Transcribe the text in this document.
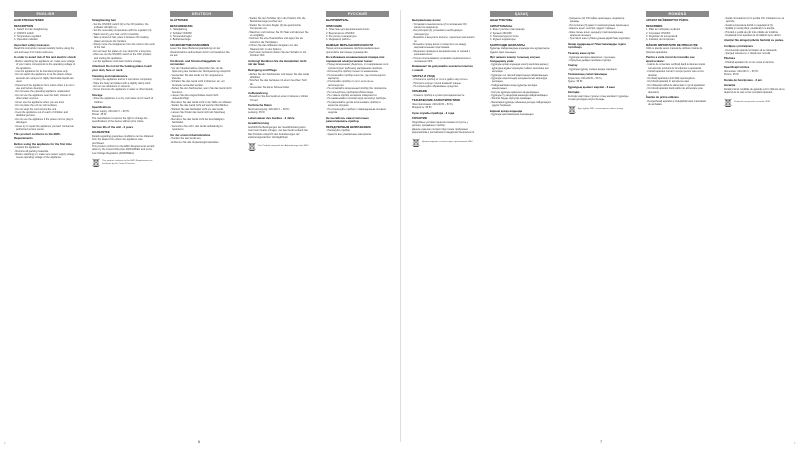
ENGLISH
HAIR STRAIGHTENER
DESCRIPTION
1. Switch for hair straightening
2. ON/OFF switch
3. Temperature regulator
4. Operation indicator
Important safety measures
Read this instruction manual carefully before using the unit and keep it for future reference.
In order to avoid risk of fire and electric shock:
- Before switching the appliance on, make sure voltage of your mains corresponds to the operating voltage of the appliance.
- Use the appliance for its intended purpose only.
- Do not switch the appliance on at the places where aerosols are sprayed or highly flammable liquids are used.
- Disconnect the appliance from mains when it is not in use and before cleaning.
- Do not leave the operating appliance unattended.
- Do not use the appliance near the bath, shower or other water sources.
- Never use the appliance when you are tired.
- Do not place the unit on soft surfaces.
- Do not wrap the cord around the unit.
- Keep the appliance out of reach of children and disabled persons.
- Do not use the appliance if the power cord or plug is damaged.
- Never try to repair the appliance yourself. Contact an authorized service center.
This product conforms to the EMC-Requirements.
Before using the appliance for the first time
- Unpack the appliance.
- Remove all packing materials.
- Before switching on, make sure power supply voltage meets operating voltage of the appliance.
Straightening hair
- Set the ON/OFF switch (2) to the ON position, the indicator will light up.
- Set the necessary temperature with the regulator (3).
- Wash and dry your hair, comb it carefully.
- Take a strand of hair, place it between the heating plates and press the handles.
- Slowly move the straightener from the roots to the ends of the hair.
- Do not keep the plates on one strand for a long time.
- After use set the ON/OFF switch to the OFF position and unplug the appliance.
- Let the appliance cool down before storage.
Attention! Do not let the heating plates touch your skin, face or neck.
Cleaning and maintenance
- Unplug the appliance and let it cool down completely.
- Wipe the body and plates with a slightly damp cloth.
- Do not use abrasives or solvents.
- Never immerse the appliance in water or other liquids.
Storage
- Store the appliance in a dry, cool place out of reach of children.
Specifications
Power supply: 220-240 V ~ 50 Hz
Power: 35 W
The manufacturer reserves the right to change the specifications of the device without prior notice.
Service life of the unit - 3 years
GUARANTEE
Details regarding guarantee conditions can be obtained from the dealer from whom the appliance was purchased.
This product conforms to the EMC-Requirements as laid down by the Council Directive 2004/108/EC and to the Low Voltage Regulation (2006/95/EC).
This product conforms to the EMC-Requirements as laid down by the Council Directive.
DEUTSCH
GLÄTTEISEN
BESCHREIBUNG
1. Haarglättung
2. Schalter ON/OFF
3. Temperaturregler
4. Betriebsanzeige
SICHERHEITSMASSNAHMEN
Lesen Sie diese Bedienungsanleitung vor der Inbetriebnahme aufmerksam durch und bewahren Sie sie auf.
Um Brand- und Stromschlaggefahr zu vermeiden:
- Vor der Inbetriebnahme überprüfen Sie, ob die Spannung des Gerätes der Netzspannung entspricht.
- Verwenden Sie das Gerät nur für vorgesehene Zwecke.
- Schalten Sie das Gerät nicht in Räumen ein, wo Aerosole verwendet werden.
- Ziehen Sie den Netzstecker, wenn Sie das Gerät nicht benutzen.
- Lassen Sie das eingeschaltete Gerät nicht unbeaufsichtigt.
- Benutzen Sie das Gerät nicht in der Nähe von Wasser.
- Stellen Sie das Gerät nicht auf weiche Oberflächen.
- Wickeln Sie das Netzkabel nicht um das Gerät.
- Lassen Sie Kinder das Gerät nicht als Spielzeug benutzen.
- Benutzen Sie das Gerät nicht bei beschädigtem Netzkabel.
- Versuchen Sie nicht, das Gerät selbständig zu reparieren.
Vor der ersten Inbetriebnahme
- Packen Sie das Gerät aus.
- Entfernen Sie alle Verpackungsmaterialien.
- Stellen Sie den Schalter (2) in die Position ON, die Betriebsanzeige leuchtet auf.
- Stellen Sie mit dem Regler (3) die gewünschte Temperatur ein.
- Waschen und trocknen Sie Ihr Haar und kämmen Sie es sorgfältig.
- Nehmen Sie eine Haarsträhne und legen Sie sie zwischen die Heizplatten.
- Führen Sie das Glätteisen langsam von den Haarwurzeln zu den Spitzen.
- Nach dem Gebrauch stellen Sie den Schalter in die Position OFF.
Achtung! Berühren Sie die Heizplatten nicht mit der Haut.
Reinigung und Pflege
- Ziehen Sie den Netzstecker und lassen Sie das Gerät abkühlen.
- Wischen Sie das Gehäuse mit einem feuchten Tuch ab.
- Verwenden Sie keine Scheuermittel.
Aufbewahrung
- Bewahren Sie das Gerät an einem trockenen, kühlen Ort auf.
Technische Daten
Stromversorgung: 220-240 V ~ 50 Hz
Leistung: 35 W
Lebensdauer des Gerätes - 3 Jahre
Gewährleistung
Ausführliche Bedingungen der Gewährleistung kann man beim Dealer erfragen, der das Gerät verkauft hat.
Das Produkt entspricht den Anforderungen der elektromagnetischen Verträglichkeit.
Das Produkt entspricht den Anforderungen der EMV.
РУССКИЙ
ВЫПРЯМИТЕЛЬ
ОПИСАНИЕ
1. Пластины для выпрямления волос
2. Выключатель ON/OFF
3. Регулятор температуры
4. Индикатор работы
ВАЖНЫЕ МЕРЫ БЕЗОПАСНОСТИ
Перед использованием прибора внимательно прочитайте настоящее руководство.
Во избежание возникновения пожара или поражения электрическим током:
- Перед включением убедитесь, что напряжение сети соответствует рабочему напряжению прибора.
- Используйте прибор только по назначению.
- Не включайте прибор в местах, где используются аэрозоли.
- Отключайте прибор от сети, если он не используется.
- Не оставляйте включенный прибор без присмотра.
- Не пользуйтесь прибором вблизи воды.
- Не ставьте прибор на мягкие поверхности.
- Не наматывайте сетевой шнур на корпус прибора.
- Не разрешайте детям использовать прибор в качестве игрушки.
- Не используйте прибор с поврежденным сетевым шнуром.
Не пытайтесь самостоятельно ремонтировать прибор.
ПЕРЕД ПЕРВЫМ ВКЛЮЧЕНИЕМ
- Распакуйте прибор.
- Удалите все упаковочные материалы.
Выпрямление волос
- Установите выключатель (2) в положение ON, загорится индикатор.
- Регулятором (3) установите необходимую температуру.
- Вымойте и высушите волосы, тщательно расчешите их.
- Возьмите прядь волос и поместите её между нагревательными пластинами.
- Медленно проведите выпрямителем от корней к кончикам волос.
- После использования установите выключатель в положение OFF.
Внимание! Не допускайте контакта пластин с кожей.
ЧИСТКА И УХОД
- Отключите прибор от сети и дайте ему остыть.
- Протрите корпус слегка влажной тканью.
- Не используйте абразивные средства.
ХРАНЕНИЕ
- Храните прибор в сухом прохладном месте.
ТЕХНИЧЕСКИЕ ХАРАКТЕРИСТИКИ
Электропитание: 220-240 В ~ 50 Гц
Мощность: 35 Вт
Срок службы прибора - 3 года
ГАРАНТИЯ
Подробные условия гарантии можно получить у дилера, продавшего прибор.
Данное изделие соответствует всем требуемым европейским и российским стандартам безопасности.
Данное изделие соответствует требованиям ЭМС.
ҚАЗАҚ
ШАШ ТҮЗЕТКІШ
СИПАТТАМАСЫ
1. Шаш түзеткіш пластиналар
2. Қосқыш ON/OFF
3. Температура реттегіш
4. Жұмыс индикаторы
ҚАУІПСІЗДІК ШАРАЛАРЫ
Құралды пайдаланудың алдында осы нұсқаулықты мұқият оқып шығыңыз.
Өрт немесе электр тогының соғуын болдырмау үшін:
- Құралды қосар алдында электр желісінің кернеуі құралдың жұмыс кернеуіне сәйкес келетініне көз жеткізіңіз.
- Құралды тек тікелей мақсатында пайдаланыңыз.
- Құралды аэрозольдар қолданылатын жерлерде қоспаңыз.
- Пайдаланбаған кезде құралды желіден ажыратыңыз.
- Қосулы құралды қараусыз қалдырмаңыз.
- Құралды су көздерінің жанында пайдаланбаңыз.
- Желілік бауды корпусқа орамаңыз.
- Балаларға құралды ойыншық ретінде пайдалануға рұқсат бермеңіз.
Бірінші қосар алдында
- Құралды қаптамасынан шығарыңыз.
- Қосқышты (2) ON күйіне орнатыңыз, индикатор жанады.
- Реттегішпен (3) қажетті температураны орнатыңыз.
- Шашты жуып, кептіріп, мұқият тараңыз.
- Шаш талын алып, қыздыру пластиналарының арасына салыңыз.
- Түзеткішті шаш түбінен ұшына қарай баяу жүргізіңіз.
Назар аударыңыз! Пластиналарды теріге тигізбеңіз.
Тазалау және күтім
- Құралды желіден ажыратып, суытыңыз.
- Корпусын дымқыл матамен сүртіңіз.
Сақтау
- Құралды құрғақ, салқын жерде сақтаңыз.
Техникалық сипаттамалары
Қоректену: 220-240 В ~ 50 Гц
Қуаты: 35 Вт
Құралдың қызмет мерзімі - 3 жыл
Кепілдік
Кепілдік шарттары туралы толық мәліметті құралды сатқан дилерден алуға болады.
Бұл бұйым ЭМС талаптарына сәйкес келеді.
ROMÂNĂ
APARAT DE ÎNDREPTAT PĂRUL
DESCRIERE
1. Plăci de îndreptare a părului
2. Comutator ON/OFF
3. Regulator de temperatură
4. Indicator de funcționare
MĂSURI IMPORTANTE DE PRECAUȚIE
Citiți cu atenție acest manual de utilizare înainte de folosirea aparatului.
Pentru a evita riscul de incendiu sau electrocutare:
- Înainte de conectare verificați dacă tensiunea rețelei corespunde tensiunii de funcționare a aparatului.
- Folosiți aparatul numai în scopul pentru care a fost destinat.
- Nu lăsați aparatul pornit fără supraveghere.
- Nu folosiți aparatul în apropierea apei.
- Nu înfășurați cablul de alimentare în jurul aparatului.
- Nu folosiți aparatul dacă cablul de alimentare este deteriorat.
Înainte de prima utilizare
- Despachetați aparatul și îndepărtați toate materialele de ambalare.
- Setați comutatorul (2) în poziția ON, indicatorul se va aprinde.
- Setați temperatura dorită cu regulatorul (3).
- Spălați și uscați părul, pieptănați-l cu atenție.
- Prindeți o șuviță de păr între plăcile de încălzire.
- Deplasați încet aparatul de la rădăcini spre vârfuri.
Atenție! Nu atingeți plăcile fierbinți cu pielea.
Curățare și întreținere
- Deconectați aparatul și lăsați-l să se răcească.
- Ștergeți carcasa cu o cârpă ușor umedă.
Păstrare
- Păstrați aparatul într-un loc uscat și răcoros.
Specificații tehnice
Alimentare: 220-240 V ~ 50 Hz
Putere: 35 W
Durata de funcționare - 3 ani
Garanție
Detalii privind condițiile de garanție pot fi obținute de la dealerul de la care a fost cumpărat aparatul.
Produsul corespunde cerințelor CEM.
6	7
1	1
